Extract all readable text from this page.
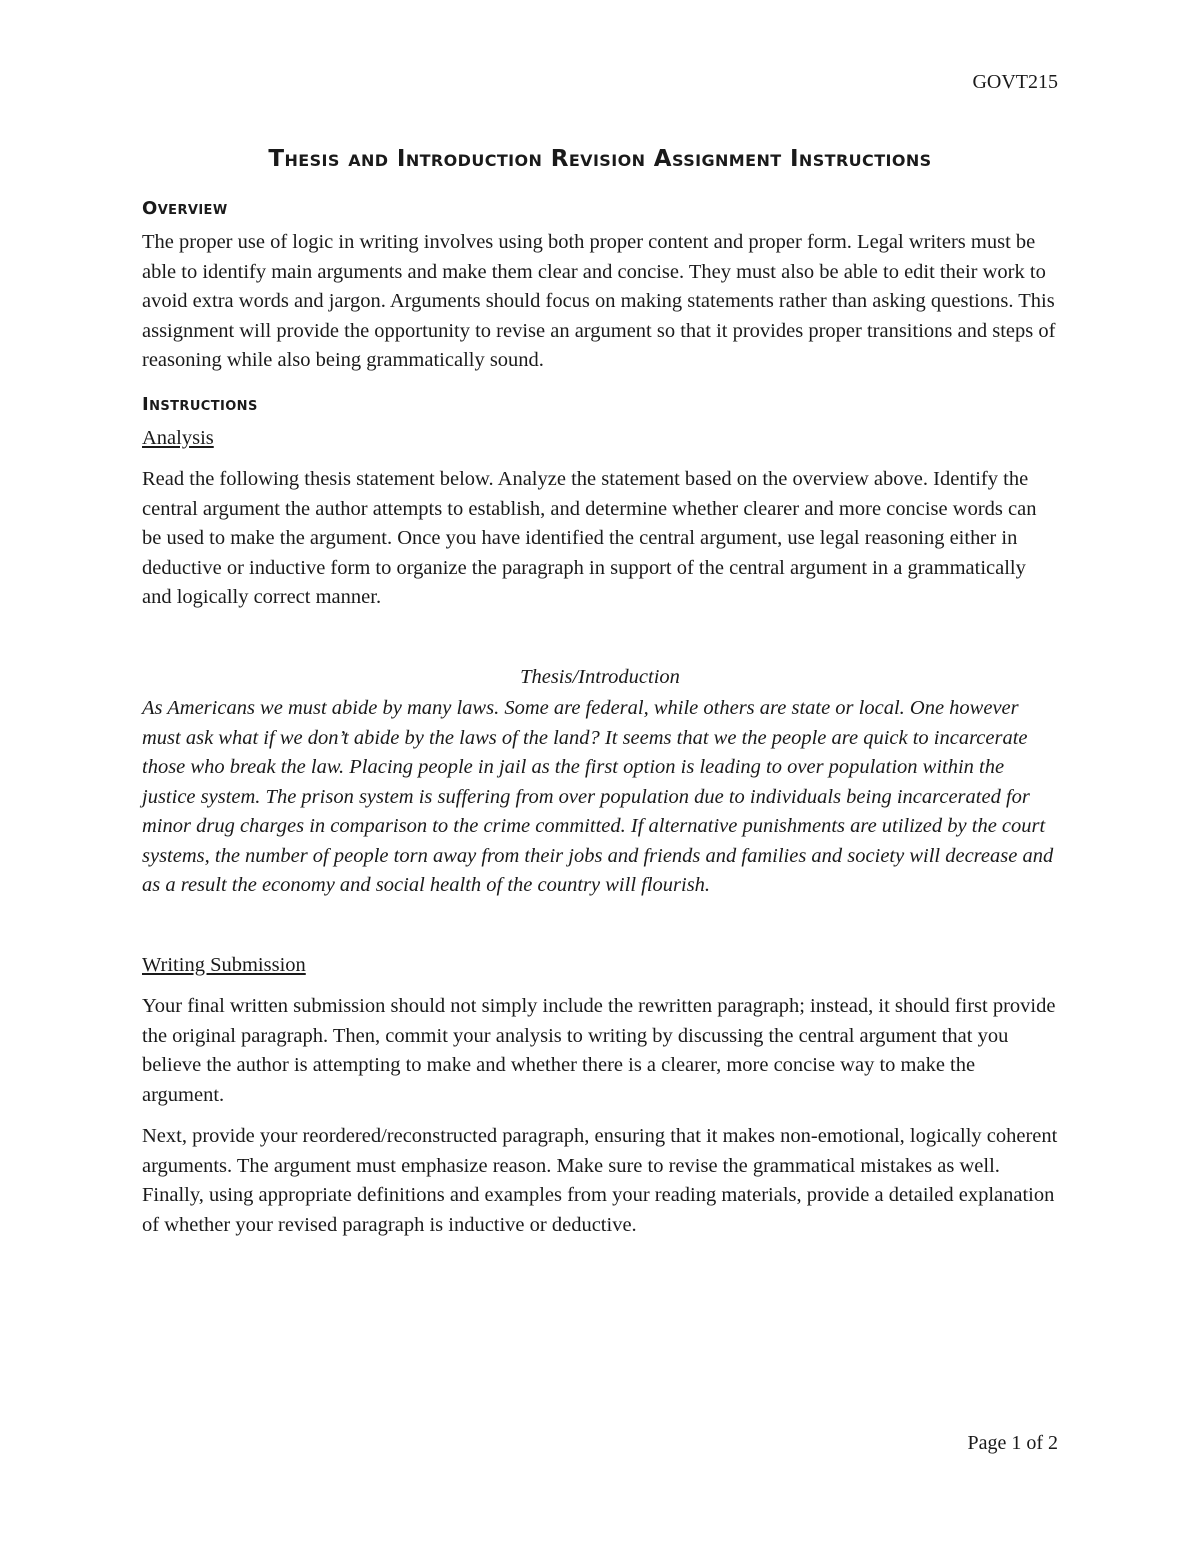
GOVT215
Thesis and Introduction Revision Assignment Instructions
Overview

The proper use of logic in writing involves using both proper content and proper form. Legal writers must be able to identify main arguments and make them clear and concise. They must also be able to edit their work to avoid extra words and jargon. Arguments should focus on making statements rather than asking questions. This assignment will provide the opportunity to revise an argument so that it provides proper transitions and steps of reasoning while also being grammatically sound.

Instructions
Analysis

Read the following thesis statement below. Analyze the statement based on the overview above. Identify the central argument the author attempts to establish, and determine whether clearer and more concise words can be used to make the argument. Once you have identified the central argument, use legal reasoning either in deductive or inductive form to organize the paragraph in support of the central argument in a grammatically and logically correct manner.

Thesis/Introduction

As Americans we must abide by many laws. Some are federal, while others are state or local. One however must ask what if we don’t abide by the laws of the land? It seems that we the people are quick to incarcerate those who break the law. Placing people in jail as the first option is leading to over population within the justice system. The prison system is suffering from over population due to individuals being incarcerated for minor drug charges in comparison to the crime committed. If alternative punishments are utilized by the court systems, the number of people torn away from their jobs and friends and families and society will decrease and as a result the economy and social health of the country will flourish.

Writing Submission

Your final written submission should not simply include the rewritten paragraph; instead, it should first provide the original paragraph. Then, commit your analysis to writing by discussing the central argument that you believe the author is attempting to make and whether there is a clearer, more concise way to make the argument.

Next, provide your reordered/reconstructed paragraph, ensuring that it makes non-emotional, logically coherent arguments. The argument must emphasize reason. Make sure to revise the grammatical mistakes as well. Finally, using appropriate definitions and examples from your reading materials, provide a detailed explanation of whether your revised paragraph is inductive or deductive.

Page 1 of 2
